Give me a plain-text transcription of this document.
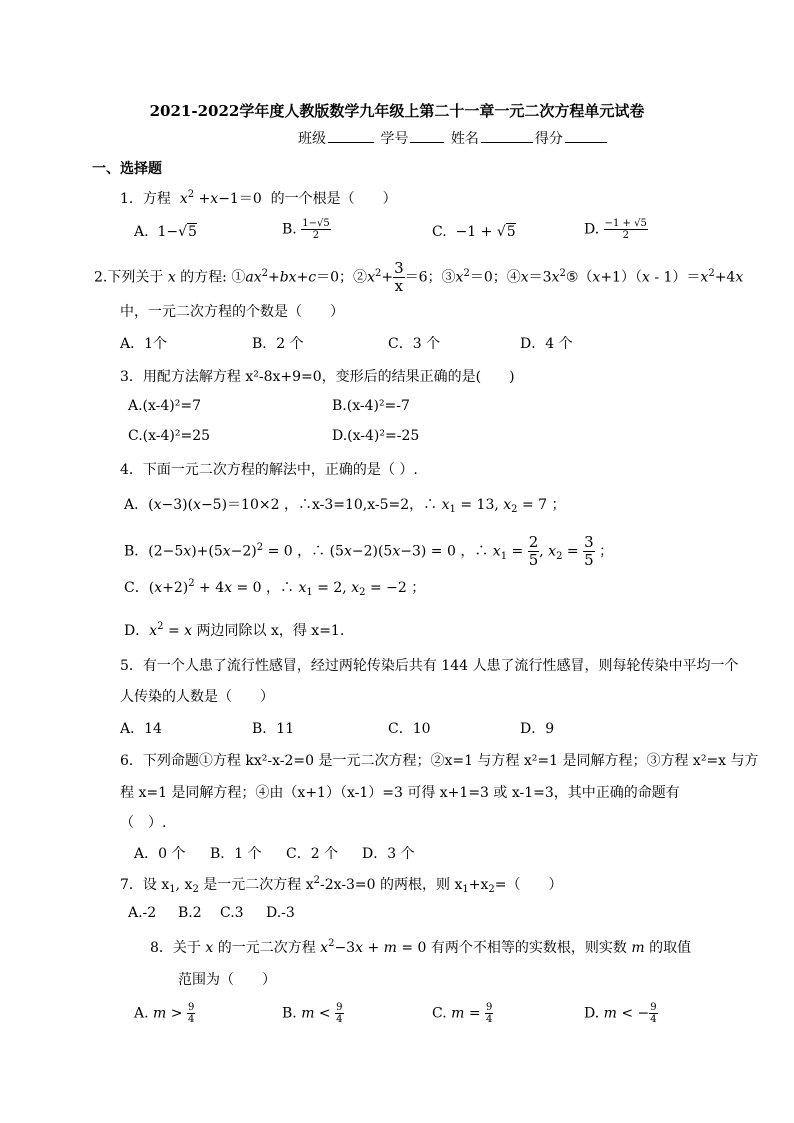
2021-2022学年度人教版数学九年级上第二十一章一元二次方程单元试卷
班级	学号	姓名	得分
一、选择题
1．方程 $x^2 +x-1=0$  的一个根是（　　）
A.  1−√5	B. $\frac{1-√5}{2}$	C.  −1 + √5	D. $\frac{-1 + √5}{2}$
2.下列关于 x 的方程: $①ax^2+bx+c=0$；$②x^2+ \frac{3}{x} =6$；$③x^2=0$；$④x=3x^2⑤(x+1)(x - 1)=x^2+4x$
中，一元二次方程的个数是（　　）
A．1个	B．2 个	C．3 个	D．4 个
3．用配方法解方程 x²-8x+9=0，变形后的结果正确的是(　　)
A.(x-4)²=7	B.(x-4)²=-7
C.(x-4)²=25	D.(x-4)²=-25
4．下面一元二次方程的解法中，正确的是（ ）.
A．(x−3)(x−5)＝10×2 ，∴x-3=10,x-5=2，∴ $x_1 = 13$, $x_2 = 7$ ；
B．$(2-5x)+(5x-2)^2 = 0$ ，∴ (5x−2)(5x−3) = 0 ，∴ $x_1 = \frac{2}{5}$ , $x_2 = \frac{3}{5}$ ；
C．$(x+2)^2 + 4x = 0$ ，∴ $x_1 = 2$, $x_2 = -2$ ；
D．$x^2 = x$ 两边同除以 x，得 x=1.
5．有一个人患了流行性感冒，经过两轮传染后共有 144 人患了流行性感冒，则每轮传染中平均一个
人传染的人数是（　　）
A．14	B．11	C．10	D．9
6．下列命题①方程 kx²-x-2=0 是一元二次方程；②x=1 与方程 x²=1 是同解方程；③方程 x²=x 与方
程 x=1 是同解方程；④由（x+1）（x-1）=3 可得 x+1=3 或 x-1=3，其中正确的命题有
（　）.
A．0 个 B．1 个 C．2 个 D．3 个
7．设 $x_1$, $x_2$ 是一元二次方程 $x^2-2x-3=0$ 的两根，则 $x_1+x_2=$（　　）
A.-2 B.2 C.3 D.-3
8．关于 x 的一元二次方程 $x^2-3x + m = 0$ 有两个不相等的实数根，则实数 m 的取值
范围为（　　）
A. $m > \frac{9}{4}$	B. $m < \frac{9}{4}$	C. $m = \frac{9}{4}$	D. m < − $\frac{9}{4}$
